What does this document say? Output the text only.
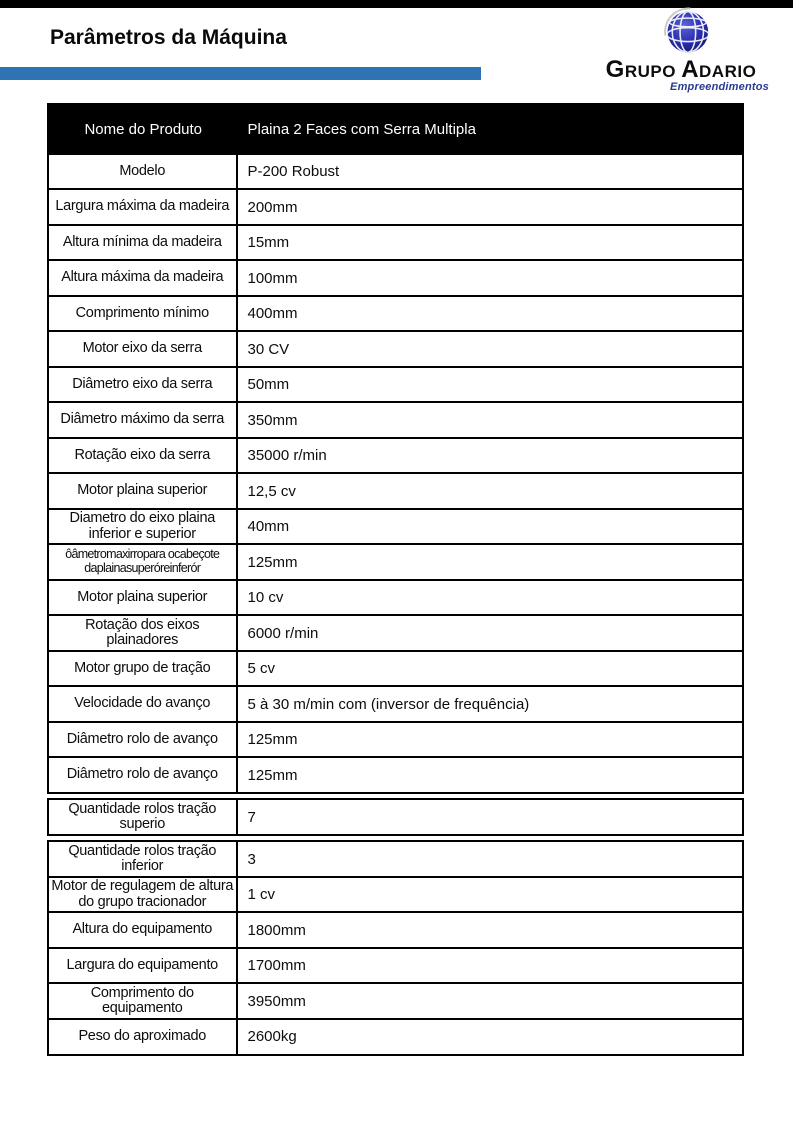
Parâmetros da Máquina
GRUPO ADARIO
Empreendimentos
Nome do Produto	Plaina 2 Faces com Serra Multipla
Modelo	P-200 Robust
Largura máxima da madeira	200mm
Altura mínima da madeira	15mm
Altura máxima da madeira	100mm
Comprimento mínimo	400mm
Motor eixo da serra	30 CV
Diâmetro eixo da serra	50mm
Diâmetro máximo da serra	350mm
Rotação eixo da serra	35000 r/min
Motor plaina superior	12,5 cv
Diametro do eixo plaina inferior e superior	40mm
ôâmetromaxirropara ocabeçote daplainasuperóreinferór	125mm
Motor plaina superior	10 cv
Rotação dos eixos plainadores	6000 r/min
Motor grupo de tração	5 cv
Velocidade do avanço	5 à 30 m/min com (inversor de frequência)
Diâmetro rolo de avanço	125mm
Diâmetro rolo de avanço	125mm
Quantidade rolos tração superio	7
Quantidade rolos tração inferior	3
Motor de regulagem de altura do grupo tracionador	1 cv
Altura do equipamento	1800mm
Largura do equipamento	1700mm
Comprimento do equipamento	3950mm
Peso do aproximado	2600kg
